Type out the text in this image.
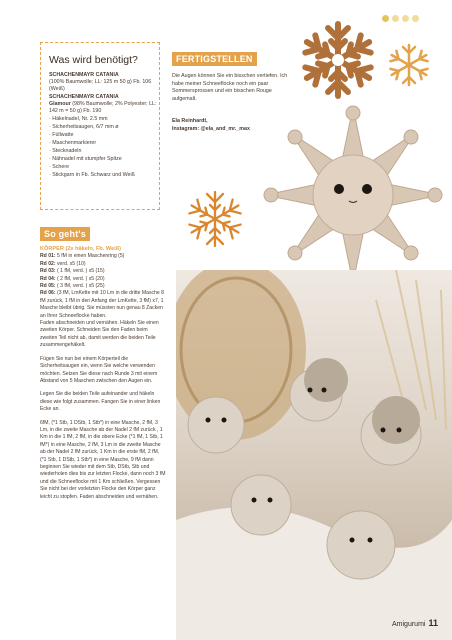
Was wird benötigt?

SCHACHENMAYR CATANIA

(100% Baumwolle; LL: 125 m 50 g) Fb. 106 (Weiß)

SCHACHENMAYR CATANIA

Glamour (98% Baumwolle; 2% Polyester; LL: 142 m = 50 g) Fb. 190

· Häkelnadel, Nr. 2.5 mm
· Sicherheitsaugen, 6/7 mm ø
· Füllwatte
· Maschenmarkierer
· Stecknadeln
· Nähnadel mit stumpfer Spitze
· Schere
· Stickgarn in Fb. Schwarz und Weiß
FERTIGSTELLEN
Die Augen können Sie ein bisschen vertiefen. Ich habe meiner Schneeflocke noch ein paar Sommersprossen und ein bisschen Rouge aufgemalt.
Ela Reinhardt,
Instagram: @ela_and_mr._max
So geht's

KÖRPER (2x häkeln, Fb. Weiß)

Rd 01: 5 fM in einen Maschenring (5)

Rd 02: verd. x5 (10)

Rd 03: ( 1 fM, verd. ) x5 (15)

Rd 04: ( 2 fM, verd. ) x5 (20)

Rd 05: ( 3 fM, verd. ) x5 (25)

Rd 06: (3 fM, LmKette mit 10 Lm in die dritte Masche 8 fM zurück, 1 fM in den Anfang der LmKette, 3 fM) x7, 1 Masche bleibt übrig. Sie müssten nun genau 8 Zacken an Ihrer Schneeflocke haben.

Faden abschneiden und vernähen. Häkeln Sie einen zweiten Körper. Schneiden Sie den Faden beim zweiten Teil nicht ab, damit werden die beiden Teile zusammengehäkelt.

Fügen Sie nun bei einem Körperteil die Sicherheitsaugen ein, wenn Sie welche verwenden möchten. Setzen Sie diese nach Runde 3 mit einem Abstand von 5 Maschen zwischen den Augen ein.

Legen Sie die beiden Teile aufeinander und häkeln diese wie folgt zusammen. Fangen Sie in einer linken Ecke an.

6fM, (*1 Stb, 1 DStb, 1 Stb*) in eine Masche, 2 fM, 3 Lm, in die zweite Masche ab der Nadel 2 fM zurück , 1 Km in die 1 fM, 2 fM, in die obere Ecke (*1 fM, 1 Stb, 1 fM*) in eine Masche, 2 fM, 3 Lm in die zweite Masche ab der Nadel 2 fM zurück, 1 Km in die erste fM, 2 fM, (*1 Stb, 1 DStb, 1 Stb*) in eine Masche, 9 fM dann beginnen Sie wieder mit dem Stb, DStb, Stb und wiederholen dies bis zur letzten Flocke, dann noch 3 fM und die Schneeflocke mit 1 Km schließen. Vergessen Sie nicht bei der vorletzten Flocke den Körper ganz leicht zu stopfen. Faden abschneiden und vernähen.

Amigurumi 11
